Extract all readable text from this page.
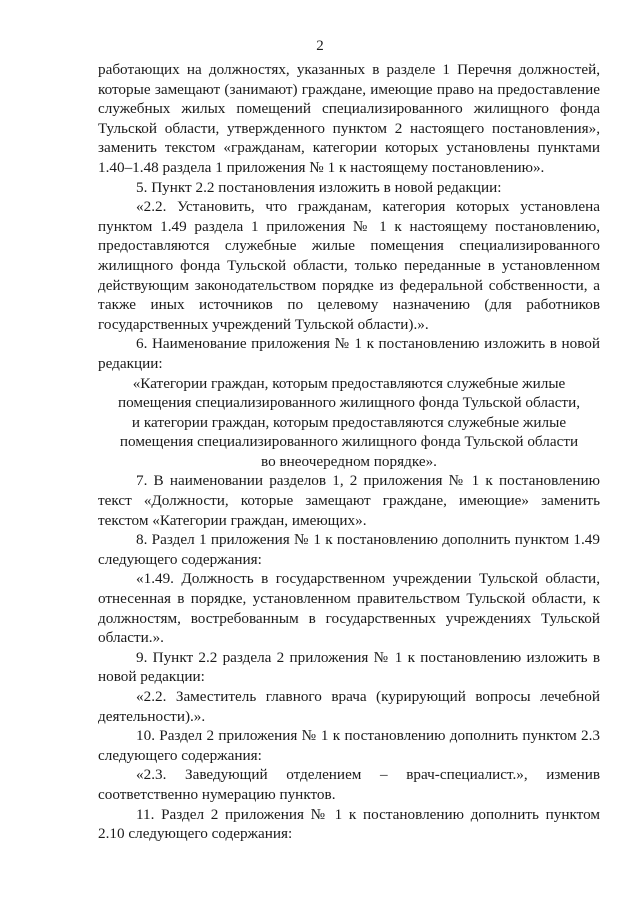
2

работающих на должностях, указанных в разделе 1 Перечня должностей, которые замещают (занимают) граждане, имеющие право на предоставление служебных жилых помещений специализированного жилищного фонда Тульской области, утвержденного пунктом 2 настоящего постановления», заменить текстом «гражданам, категории которых установлены пунктами 1.40–1.48 раздела 1 приложения № 1 к настоящему постановлению».

5. Пункт 2.2 постановления изложить в новой редакции:

«2.2. Установить, что гражданам, категория которых установлена пунктом 1.49 раздела 1 приложения № 1 к настоящему постановлению, предоставляются служебные жилые помещения специализированного жилищного фонда Тульской области, только переданные в установленном действующим законодательством порядке из федеральной собственности, а также иных источников по целевому назначению (для работников государственных учреждений Тульской области).».

6. Наименование приложения № 1 к постановлению изложить в новой редакции:

«Категории граждан, которым предоставляются служебные жилые помещения специализированного жилищного фонда Тульской области, и категории граждан, которым предоставляются служебные жилые помещения специализированного жилищного фонда Тульской области во внеочередном порядке».

7. В наименовании разделов 1, 2 приложения № 1 к постановлению текст «Должности, которые замещают граждане, имеющие» заменить текстом «Категории граждан, имеющих».

8. Раздел 1 приложения № 1 к постановлению дополнить пунктом 1.49 следующего содержания:

«1.49. Должность в государственном учреждении Тульской области, отнесенная в порядке, установленном правительством Тульской области, к должностям, востребованным в государственных учреждениях Тульской области.».

9. Пункт 2.2 раздела 2 приложения № 1 к постановлению изложить в новой редакции:

«2.2. Заместитель главного врача (курирующий вопросы лечебной деятельности).».

10. Раздел 2 приложения № 1 к постановлению дополнить пунктом 2.3 следующего содержания:

«2.3. Заведующий отделением – врач-специалист.», изменив соответственно нумерацию пунктов.

11. Раздел 2 приложения № 1 к постановлению дополнить пунктом 2.10 следующего содержания:
